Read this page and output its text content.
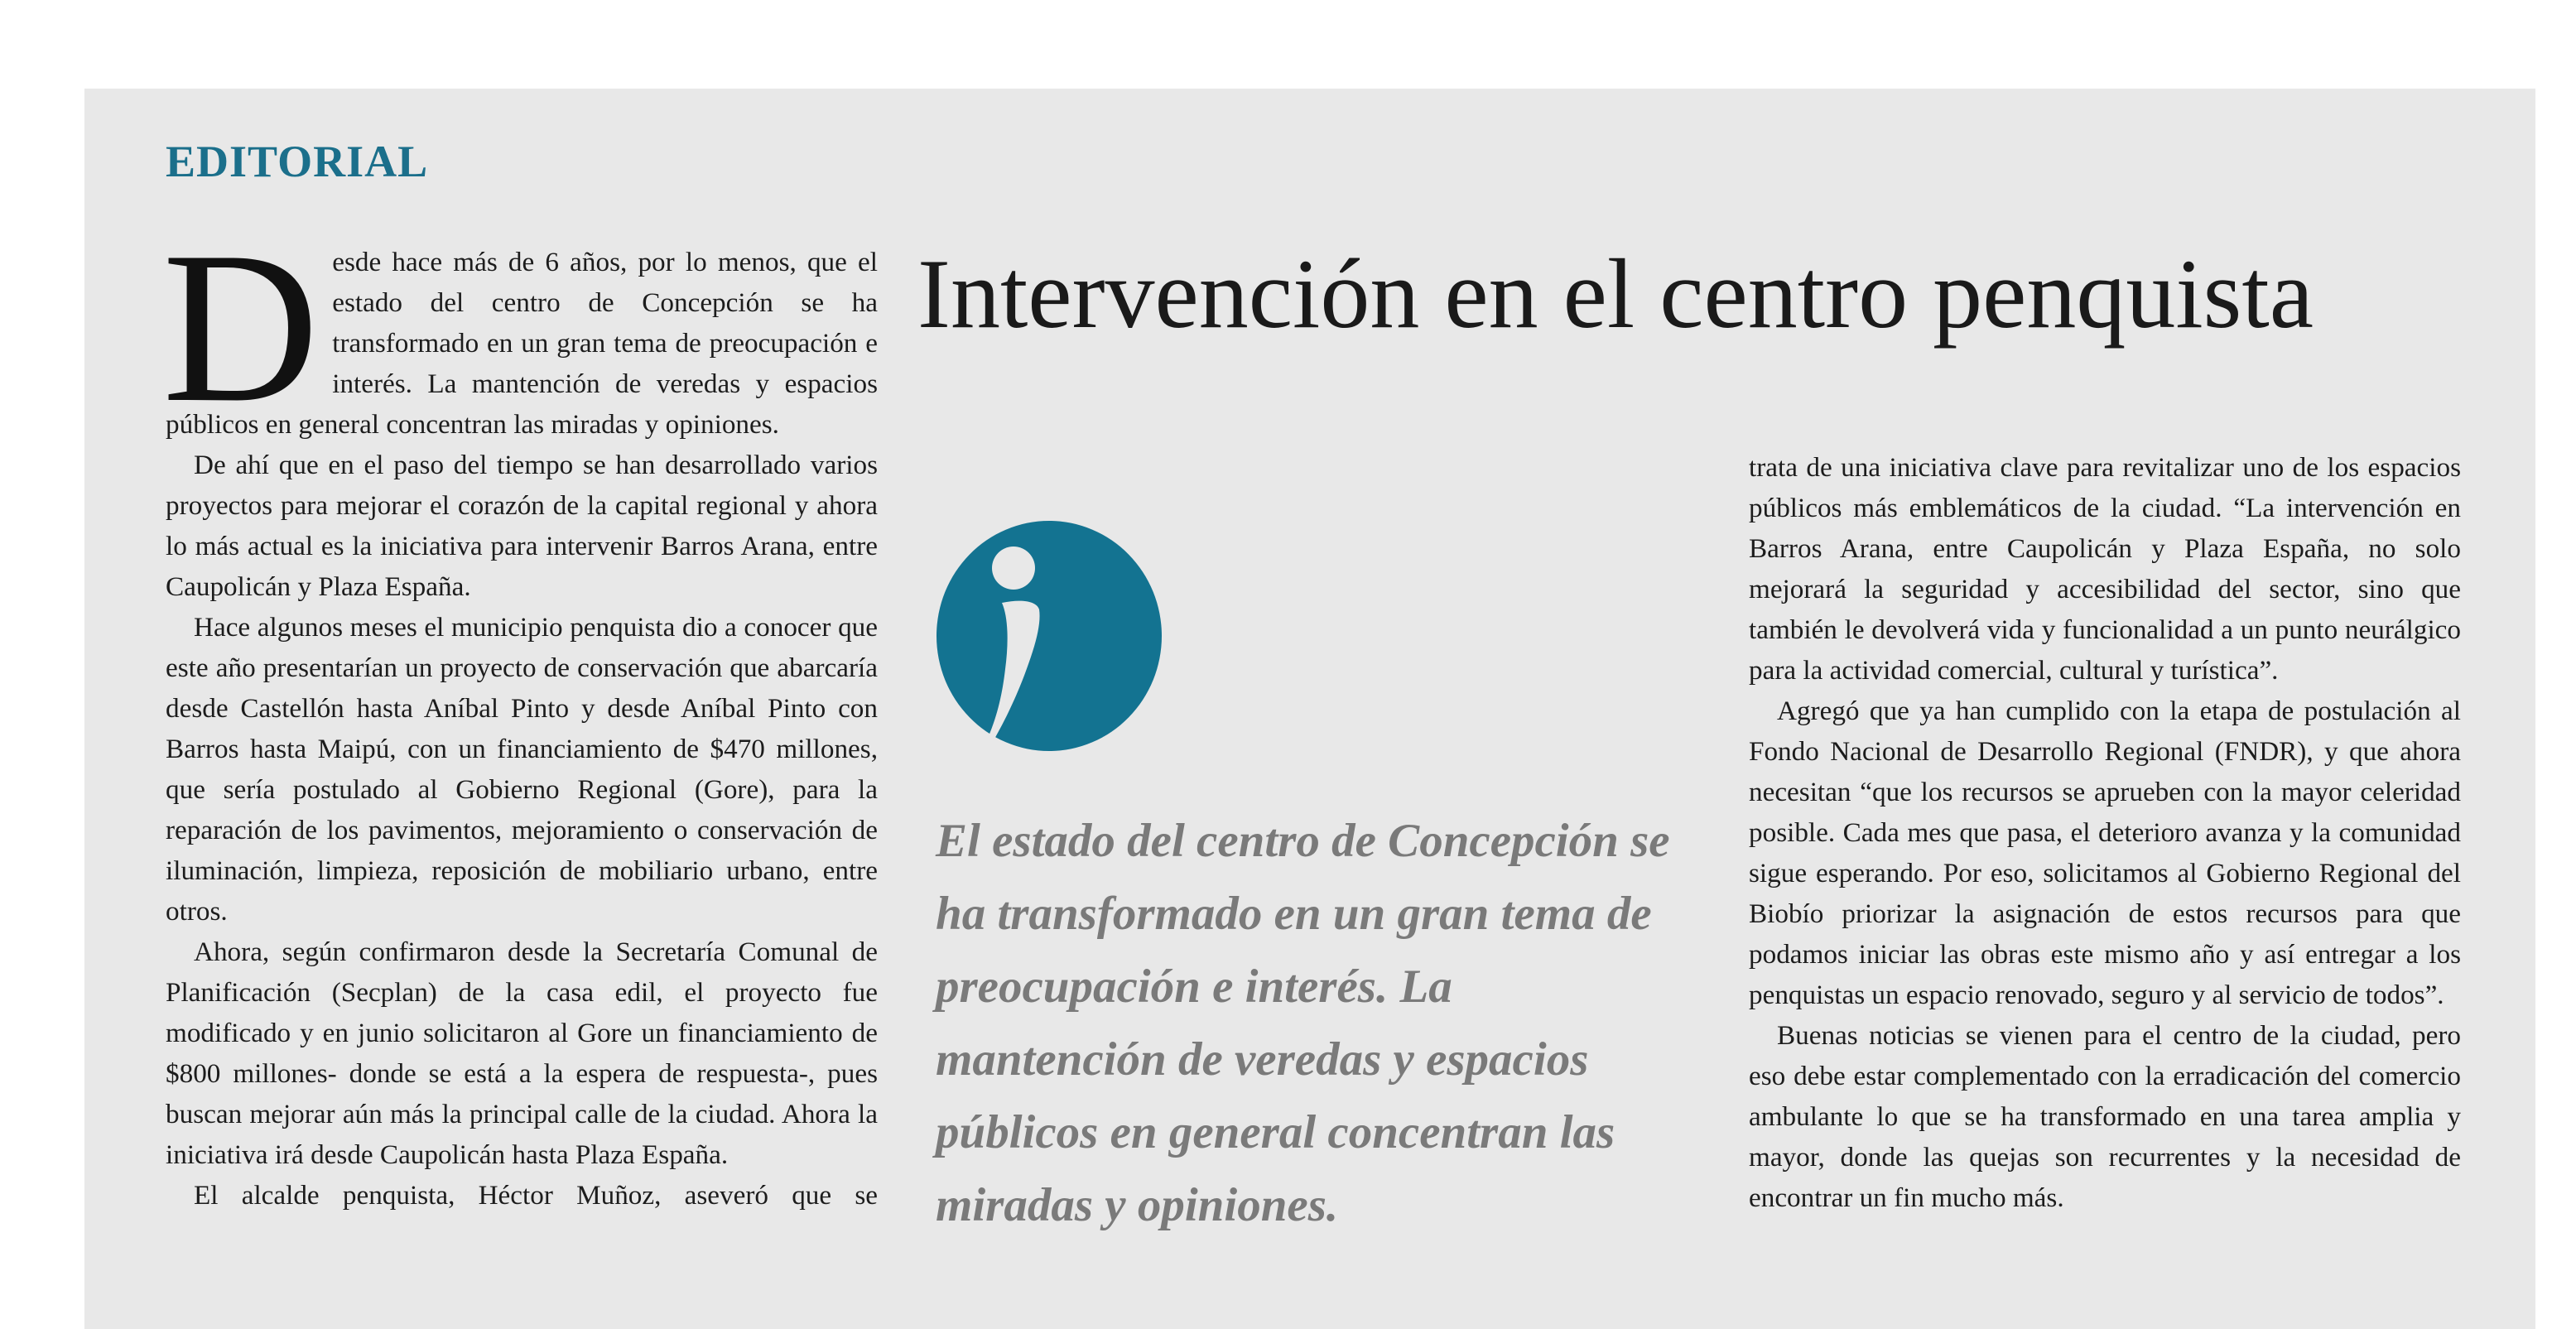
EDITORIAL
Intervención en el centro penquista

Desde hace más de 6 años, por lo menos, que el estado del centro de Concepción se ha transformado en un gran tema de preocupación e interés. La mantención de veredas y espacios públicos en general concentran las miradas y opiniones.

De ahí que en el paso del tiempo se han desarrollado varios proyectos para mejorar el corazón de la capital regional y ahora lo más actual es la iniciativa para intervenir Barros Arana, entre Caupolicán y Plaza España.

Hace algunos meses el municipio penquista dio a conocer que este año presentarían un proyecto de conservación que abarcaría desde Castellón hasta Aníbal Pinto y desde Aníbal Pinto con Barros hasta Maipú, con un financiamiento de $470 millones, que sería postulado al Gobierno Regional (Gore), para la reparación de los pavimentos, mejoramiento o conservación de iluminación, limpieza, reposición de mobiliario urbano, entre otros.

Ahora, según confirmaron desde la Secretaría Comunal de Planificación (Secplan) de la casa edil, el proyecto fue modificado y en junio solicitaron al Gore un financiamiento de $800 millones- donde se está a la espera de respuesta-, pues buscan mejorar aún más la principal calle de la ciudad. Ahora la iniciativa irá desde Caupolicán hasta Plaza España.

El alcalde penquista, Héctor Muñoz, aseveró que se

El estado del centro de Concepción se ha transformado en un gran tema de preocupación e interés. La mantención de veredas y espacios públicos en general concentran las miradas y opiniones.

trata de una iniciativa clave para revitalizar uno de los espacios públicos más emblemáticos de la ciudad. “La intervención en Barros Arana, entre Caupolicán y Plaza España, no solo mejorará la seguridad y accesibilidad del sector, sino que también le devolverá vida y funcionalidad a un punto neurálgico para la actividad comercial, cultural y turística”.

Agregó que ya han cumplido con la etapa de postulación al Fondo Nacional de Desarrollo Regional (FNDR), y que ahora necesitan “que los recursos se aprueben con la mayor celeridad posible. Cada mes que pasa, el deterioro avanza y la comunidad sigue esperando. Por eso, solicitamos al Gobierno Regional del Biobío priorizar la asignación de estos recursos para que podamos iniciar las obras este mismo año y así entregar a los penquistas un espacio renovado, seguro y al servicio de todos”.

Buenas noticias se vienen para el centro de la ciudad, pero eso debe estar complementado con la erradicación del comercio ambulante lo que se ha transformado en una tarea amplia y mayor, donde las quejas son recurrentes y la necesidad de encontrar un fin mucho más.
